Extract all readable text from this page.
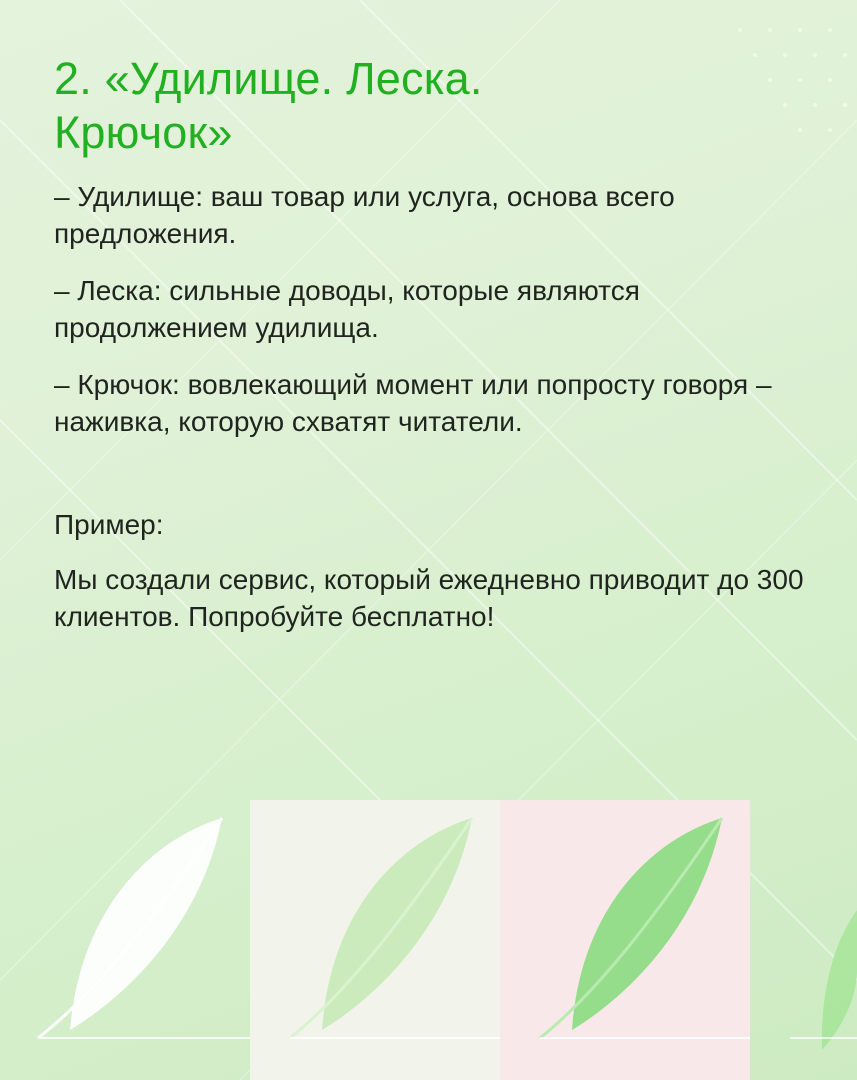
2. «Удилище. Леска.
Крючок»

– Удилище: ваш товар или услуга, основа всего предложения.

– Леска: сильные доводы, которые являются продолжением удилища.

– Крючок: вовлекающий момент или попросту говоря – наживка, которую схватят читатели.

Пример:

Мы создали сервис, который ежедневно приводит до 300 клиентов. Попробуйте бесплатно!
